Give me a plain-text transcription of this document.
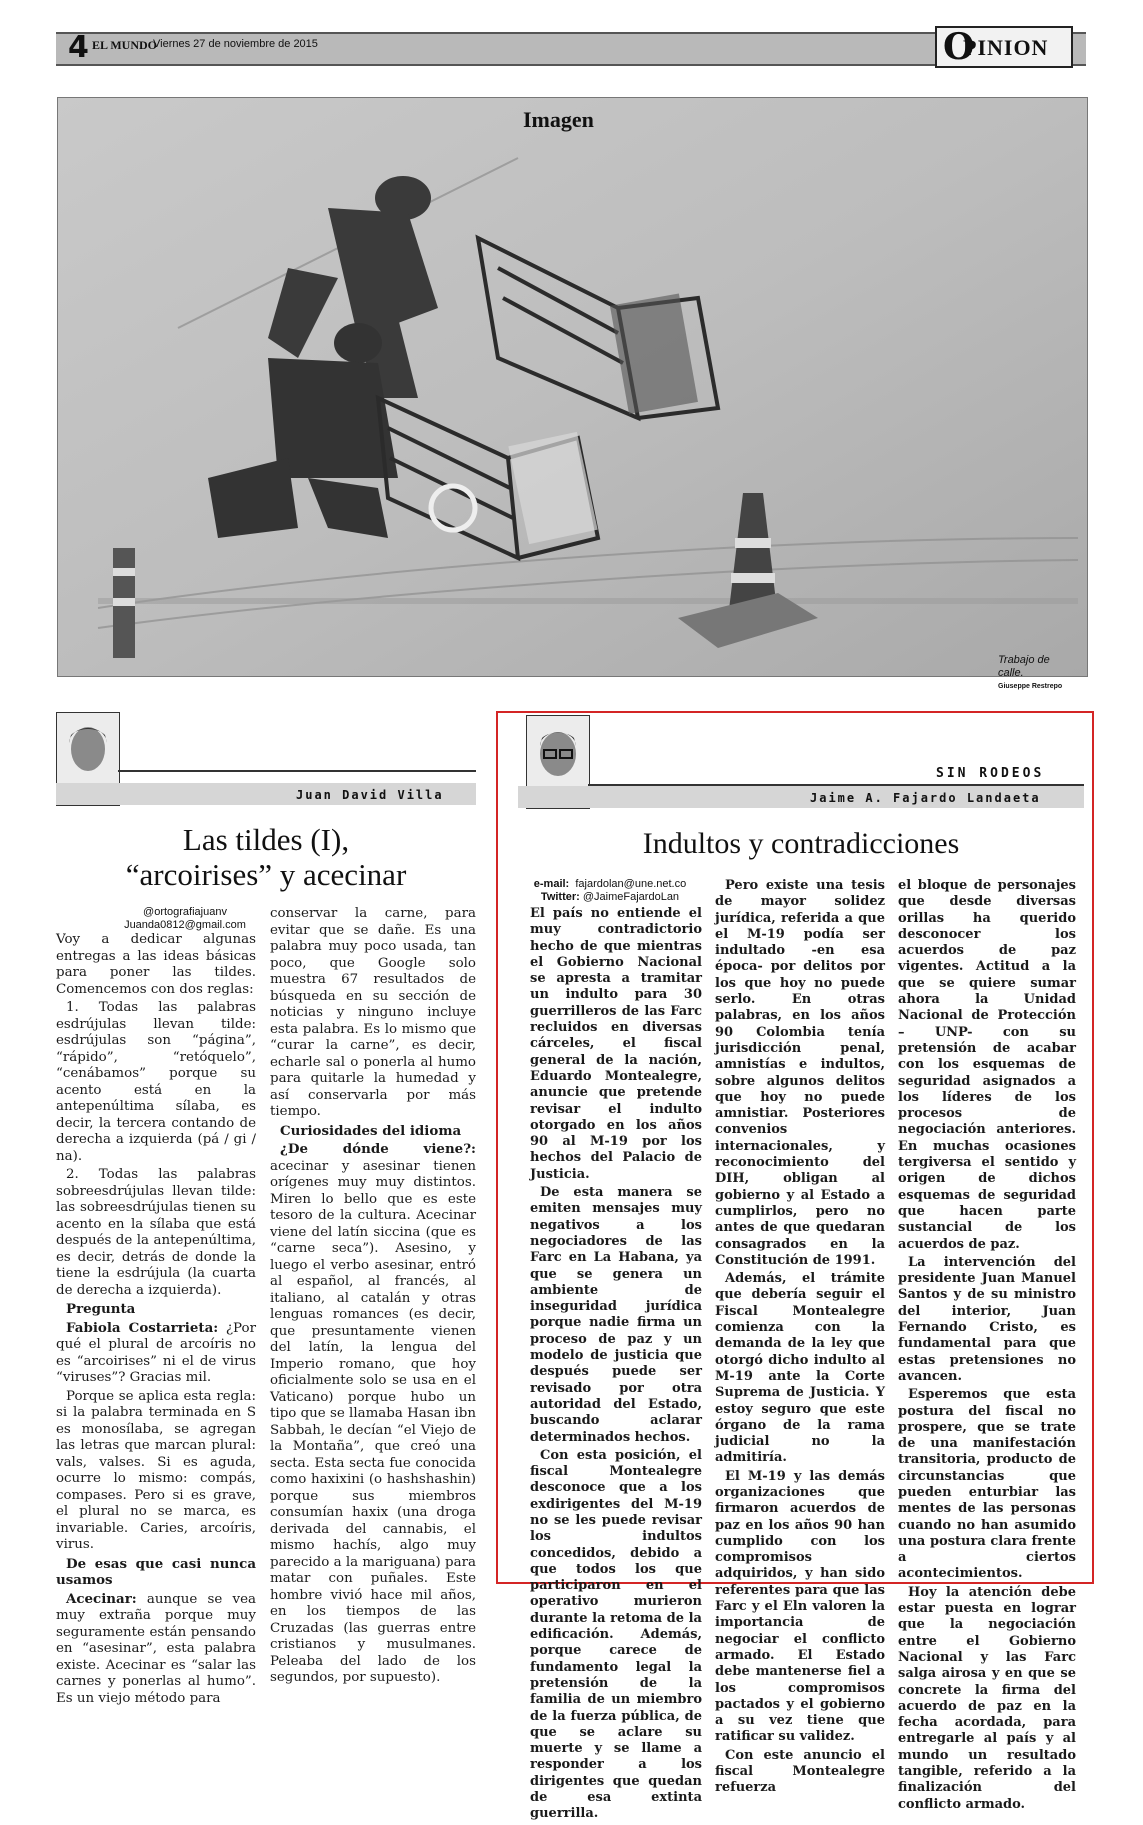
4 EL MUNDO
Viernes 27 de noviembre de 2015	O
PINION
Imagen
Trabajo de calle.
Giuseppe Restrepo
Juan David Villa
Las tildes (I),
“arcoirises” y acecinar
@ortografiajuanv
Juanda0812@gmail.com

Voy a dedicar algunas entregas a las ideas básicas para poner las tildes. Comencemos con dos reglas:

1. Todas las palabras esdrújulas llevan tilde: esdrújulas son “página”, “rápido”, “retóquelo”, “cenábamos” porque su acento está en la antepenúltima sílaba, es decir, la tercera contando de derecha a izquierda (pá / gi / na).

2. Todas las palabras sobreesdrújulas llevan tilde: las sobreesdrújulas tienen su acento en la sílaba que está después de la antepenúltima, es decir, detrás de donde la tiene la esdrújula (la cuarta de derecha a izquierda).

Pregunta

Fabiola Costarrieta: ¿Por qué el plural de arcoíris no es “arcoirises” ni el de virus “viruses”? Gracias mil.

Porque se aplica esta regla: si la palabra terminada en S es monosílaba, se agregan las letras que marcan plural: vals, valses. Si es aguda, ocurre lo mismo: compás, compases. Pero si es grave, el plural no se marca, es invariable. Caries, arcoíris, virus.

De esas que casi nunca usamos

Acecinar: aunque se vea muy extraña porque muy seguramente están pensando en “asesinar”, esta palabra existe. Acecinar es “salar las carnes y ponerlas al humo”. Es un viejo método para

conservar la carne, para evitar que se dañe. Es una palabra muy poco usada, tan poco, que Google solo muestra 67 resultados de búsqueda en su sección de noticias y ninguno incluye esta palabra. Es lo mismo que “curar la carne”, es decir, echarle sal o ponerla al humo para quitarle la humedad y así conservarla por más tiempo.

Curiosidades del idioma

¿De dónde viene?: acecinar y asesinar tienen orígenes muy muy distintos. Miren lo bello que es este tesoro de la cultura. Acecinar viene del latín siccina (que es “carne seca”). Asesino, y luego el verbo asesinar, entró al español, al francés, al italiano, al catalán y otras lenguas romances (es decir, que presuntamente vienen del latín, la lengua del Imperio romano, que hoy oficialmente solo se usa en el Vaticano) porque hubo un tipo que se llamaba Hasan ibn Sabbah, le decían “el Viejo de la Montaña”, que creó una secta. Esta secta fue conocida como haxixini (o hashshashin) porque sus miembros consumían haxix (una droga derivada del cannabis, el mismo hachís, algo muy parecido a la mariguana) para matar con puñales. Este hombre vivió hace mil años, en los tiempos de las Cruzadas (las guerras entre cristianos y musulmanes. Peleaba del lado de los segundos, por supuesto).

SIN RODEOS
Jaime A. Fajardo Landaeta
Indultos y contradicciones
e-mail: fajardolan@une.net.co
Twitter: @JaimeFajardoLan

El país no entiende el muy contradictorio hecho de que mientras el Gobierno Nacional se apresta a tramitar un indulto para 30 guerrilleros de las Farc recluidos en diversas cárceles, el fiscal general de la nación, Eduardo Montealegre, anuncie que pretende revisar el indulto otorgado en los años 90 al M-19 por los hechos del Palacio de Justicia.

De esta manera se emiten mensajes muy negativos a los negociadores de las Farc en La Habana, ya que se genera un ambiente de inseguridad jurídica porque nadie firma un proceso de paz y un modelo de justicia que después puede ser revisado por otra autoridad del Estado, buscando aclarar determinados hechos.

Con esta posición, el fiscal Montealegre desconoce que a los exdirigentes del M-19 no se les puede revisar los indultos concedidos, debido a que todos los que participaron en el operativo murieron durante la retoma de la edificación. Además, porque carece de fundamento legal la pretensión de la familia de un miembro de la fuerza pública, de que se aclare su muerte y se llame a responder a los dirigentes que quedan de esa extinta guerrilla.

Pero existe una tesis de mayor solidez jurídica, referida a que el M-19 podía ser indultado -en esa época- por delitos por los que hoy no puede serlo. En otras palabras, en los años 90 Colombia tenía jurisdicción penal, amnistías e indultos, sobre algunos delitos que hoy no puede amnistiar. Posteriores convenios internacionales, y reconocimiento del DIH, obligan al gobierno y al Estado a cumplirlos, pero no antes de que quedaran consagrados en la Constitución de 1991.

Además, el trámite que debería seguir el Fiscal Montealegre comienza con la demanda de la ley que otorgó dicho indulto al M-19 ante la Corte Suprema de Justicia. Y estoy seguro que este órgano de la rama judicial no la admitiría.

El M-19 y las demás organizaciones que firmaron acuerdos de paz en los años 90 han cumplido con los compromisos adquiridos, y han sido referentes para que las Farc y el Eln valoren la importancia de negociar el conflicto armado. El Estado debe mantenerse fiel a los compromisos pactados y el gobierno a su vez tiene que ratificar su validez.

Con este anuncio el fiscal Montealegre refuerza

el bloque de personajes que desde diversas orillas ha querido desconocer los acuerdos de paz vigentes. Actitud a la que se quiere sumar ahora la Unidad Nacional de Protección – UNP- con su pretensión de acabar con los esquemas de seguridad asignados a los líderes de los procesos de negociación anteriores. En muchas ocasiones tergiversa el sentido y origen de dichos esquemas de seguridad que hacen parte sustancial de los acuerdos de paz.

La intervención del presidente Juan Manuel Santos y de su ministro del interior, Juan Fernando Cristo, es fundamental para que estas pretensiones no avancen.

Esperemos que esta postura del fiscal no prospere, que se trate de una manifestación transitoria, producto de circunstancias que pueden enturbiar las mentes de las personas cuando no han asumido una postura clara frente a ciertos acontecimientos.

Hoy la atención debe estar puesta en lograr que la negociación entre el Gobierno Nacional y las Farc salga airosa y en que se concrete la firma del acuerdo de paz en la fecha acordada, para entregarle al país y al mundo un resultado tangible, referido a la finalización del conflicto armado.
